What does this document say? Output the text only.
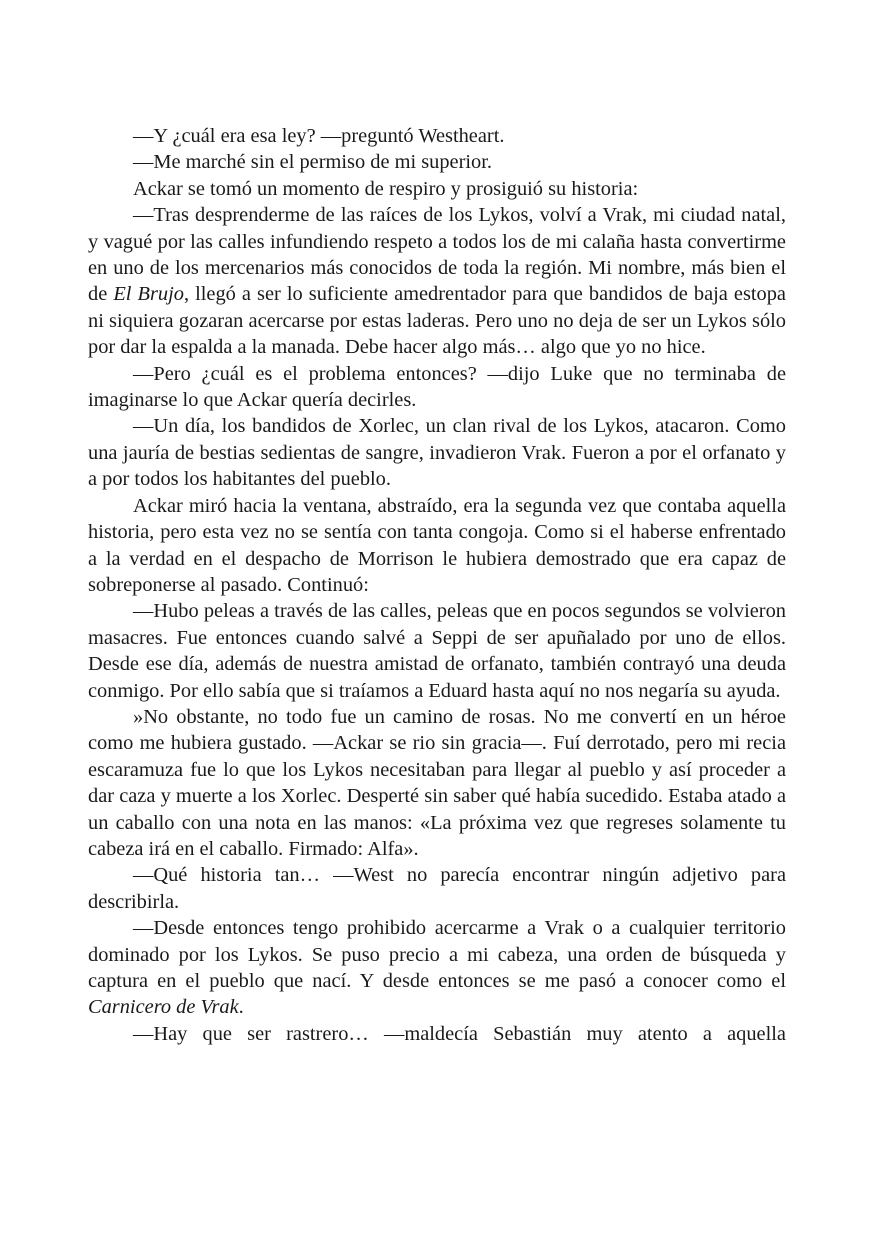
—Y ¿cuál era esa ley? —preguntó Westheart.

—Me marché sin el permiso de mi superior.

Ackar se tomó un momento de respiro y prosiguió su historia:

—Tras desprenderme de las raíces de los Lykos, volví a Vrak, mi ciudad natal, y vagué por las calles infundiendo respeto a todos los de mi calaña hasta convertirme en uno de los mercenarios más conocidos de toda la región. Mi nombre, más bien el de El Brujo, llegó a ser lo suficiente amedrentador para que bandidos de baja estopa ni siquiera gozaran acercarse por estas laderas. Pero uno no deja de ser un Lykos sólo por dar la espalda a la manada. Debe hacer algo más… algo que yo no hice.

—Pero ¿cuál es el problema entonces? —dijo Luke que no terminaba de imaginarse lo que Ackar quería decirles.

—Un día, los bandidos de Xorlec, un clan rival de los Lykos, atacaron. Como una jauría de bestias sedientas de sangre, invadieron Vrak. Fueron a por el orfanato y a por todos los habitantes del pueblo.

Ackar miró hacia la ventana, abstraído, era la segunda vez que contaba aquella historia, pero esta vez no se sentía con tanta congoja. Como si el haberse enfrentado a la verdad en el despacho de Morrison le hubiera demostrado que era capaz de sobreponerse al pasado. Continuó:

—Hubo peleas a través de las calles, peleas que en pocos segundos se volvieron masacres. Fue entonces cuando salvé a Seppi de ser apuñalado por uno de ellos. Desde ese día, además de nuestra amistad de orfanato, también contrayó una deuda conmigo. Por ello sabía que si traíamos a Eduard hasta aquí no nos negaría su ayuda.

»No obstante, no todo fue un camino de rosas. No me convertí en un héroe como me hubiera gustado. —Ackar se rio sin gracia—. Fuí derrotado, pero mi recia escaramuza fue lo que los Lykos necesitaban para llegar al pueblo y así proceder a dar caza y muerte a los Xorlec. Desperté sin saber qué había sucedido. Estaba atado a un caballo con una nota en las manos: «La próxima vez que regreses solamente tu cabeza irá en el caballo. Firmado: Alfa».

—Qué historia tan… —West no parecía encontrar ningún adjetivo para describirla.

—Desde entonces tengo prohibido acercarme a Vrak o a cualquier territorio dominado por los Lykos. Se puso precio a mi cabeza, una orden de búsqueda y captura en el pueblo que nací. Y desde entonces se me pasó a conocer como el Carnicero de Vrak.

—Hay que ser rastrero… —maldecía Sebastián muy atento a aquella
